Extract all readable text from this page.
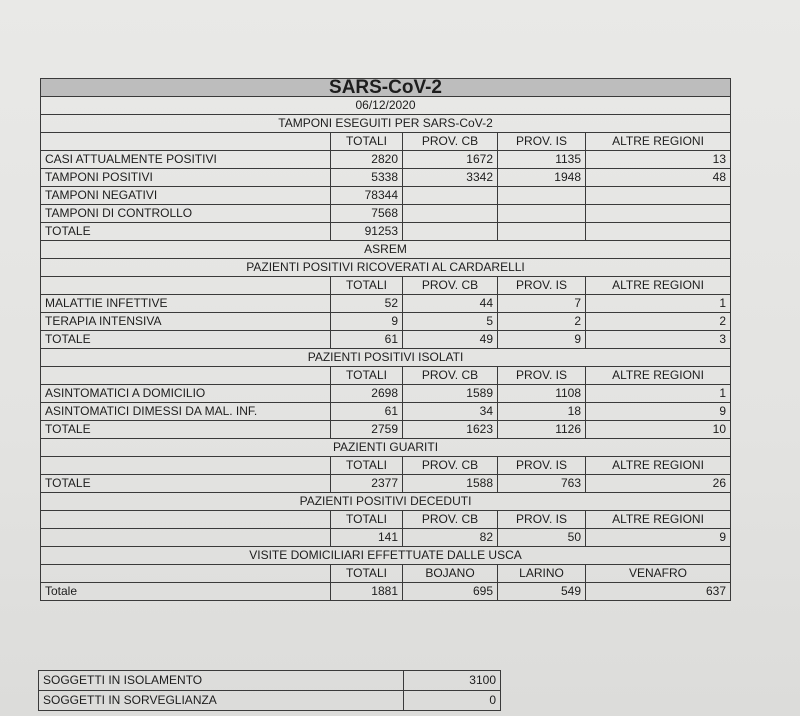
SARS-CoV-2				
06/12/2020				
TAMPONI ESEGUITI PER SARS-CoV-2				
	TOTALI	PROV. CB	PROV. IS	ALTRE REGIONI
CASI ATTUALMENTE POSITIVI	2820	1672	1135	13
TAMPONI POSITIVI	5338	3342	1948	48
TAMPONI NEGATIVI	78344			
TAMPONI DI CONTROLLO	7568			
TOTALE	91253			
ASREM				
PAZIENTI POSITIVI RICOVERATI AL CARDARELLI				
	TOTALI	PROV. CB	PROV. IS	ALTRE REGIONI
MALATTIE INFETTIVE	52	44	7	1
TERAPIA INTENSIVA	9	5	2	2
TOTALE	61	49	9	3
PAZIENTI POSITIVI ISOLATI				
	TOTALI	PROV. CB	PROV. IS	ALTRE REGIONI
ASINTOMATICI A DOMICILIO	2698	1589	1108	1
ASINTOMATICI DIMESSI DA MAL. INF.	61	34	18	9
TOTALE	2759	1623	1126	10
PAZIENTI GUARITI				
	TOTALI	PROV. CB	PROV. IS	ALTRE REGIONI
TOTALE	2377	1588	763	26
PAZIENTI POSITIVI DECEDUTI				
	TOTALI	PROV. CB	PROV. IS	ALTRE REGIONI
	141	82	50	9
VISITE DOMICILIARI EFFETTUATE DALLE USCA				
	TOTALI	BOJANO	LARINO	VENAFRO
Totale	1881	695	549	637
SOGGETTI IN ISOLAMENTO	3100
SOGGETTI IN SORVEGLIANZA	0
